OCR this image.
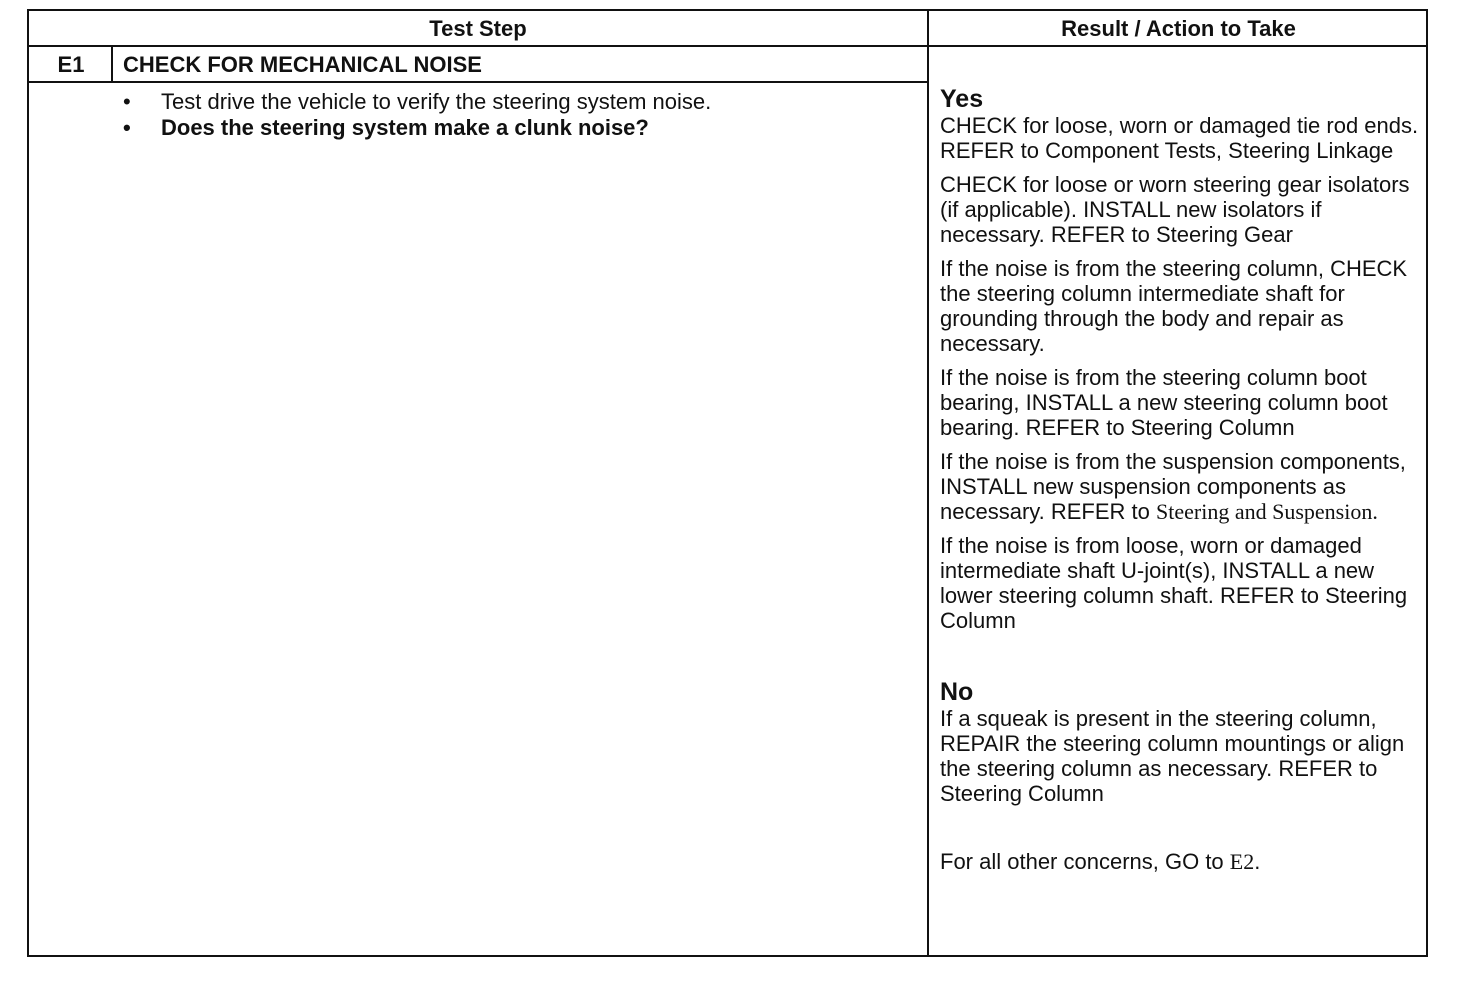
Test Step	Result / Action to Take
E1	CHECK FOR MECHANICAL NOISE
• Test drive the vehicle to verify the steering system noise.
• Does the steering system make a clunk noise?

Yes

CHECK for loose, worn or damaged tie rod ends. REFER to Component Tests, Steering Linkage

CHECK for loose or worn steering gear isolators (if applicable). INSTALL new isolators if necessary. REFER to Steering Gear

If the noise is from the steering column, CHECK the steering column intermediate shaft for grounding through the body and repair as necessary.

If the noise is from the steering column boot bearing, INSTALL a new steering column boot bearing. REFER to Steering Column

If the noise is from the suspension components, INSTALL new suspension components as necessary. REFER to Steering and Suspension.

If the noise is from loose, worn or damaged intermediate shaft U-joint(s), INSTALL a new lower steering column shaft. REFER to Steering Column

No

If a squeak is present in the steering column, REPAIR the steering column mountings or align the steering column as necessary. REFER to Steering Column

For all other concerns, GO to E2.
